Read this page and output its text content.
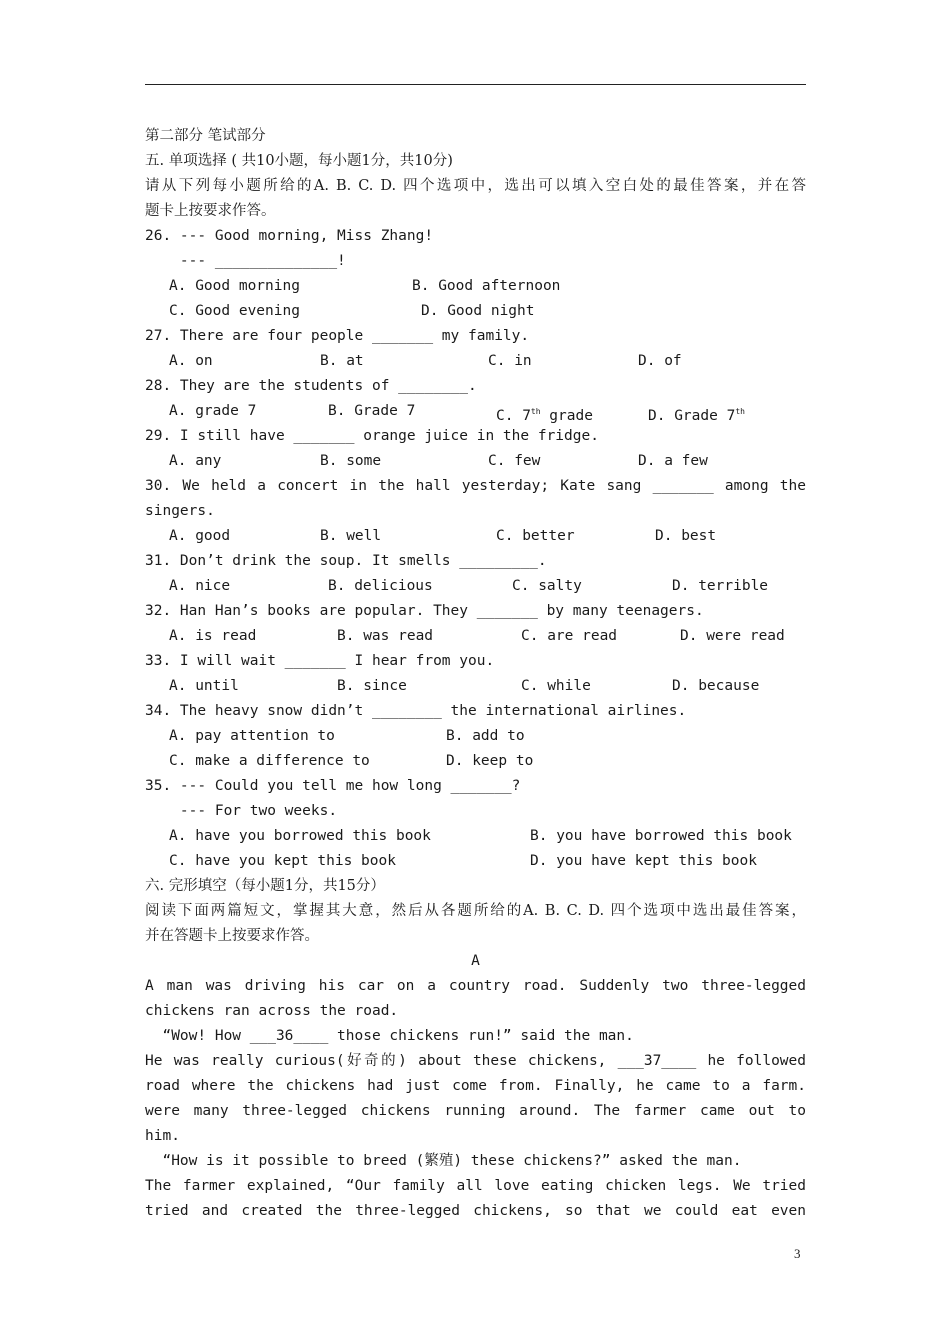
第二部分 笔试部分
五. 单项选择 ( 共10小题，每小题1分，共10分)
请从下列每小题所给的A. B. C. D. 四个选项中，选出可以填入空白处的最佳答案，并在答
题卡上按要求作答。
26. --- Good morning, Miss Zhang!
--- ______________!
A. Good morning	B. Good afternoon
C. Good evening	D. Good night
27. There are four people _______ my family.
A. on	B. at	C. in	D. of
28. They are the students of ________.
A. grade 7	B. Grade 7	C. 7th grade	D. Grade 7th
29. I still have _______ orange juice in the fridge.
A. any	B. some	C. few	D. a few
30. We held a concert in the hall yesterday; Kate sang _______ among the
singers.
A. good	B. well	C. better	D. best
31. Don’t drink the soup. It smells _________.
A. nice	B. delicious	C. salty	D. terrible
32. Han Han’s books are popular. They _______ by many teenagers.
A. is read	B. was read	C. are read	D. were read
33. I will wait _______ I hear from you.
A. until	B. since	C. while	D. because
34. The heavy snow didn’t ________ the international airlines.
A. pay attention to	B. add to
C. make a difference to	D. keep to
35. --- Could you tell me how long _______?
--- For two weeks.
A. have you borrowed this book	B. you have borrowed this book
C. have you kept this book	D. you have kept this book
六. 完形填空（每小题1分，共15分）
阅读下面两篇短文，掌握其大意，然后从各题所给的A. B. C. D. 四个选项中选出最佳答案，
并在答题卡上按要求作答。
A
A man was driving his car on a country road. Suddenly two three-legged
chickens ran across the road.
“Wow! How ___36____ those chickens run!” said the man.
He was really curious(好奇的) about these chickens, ___37____ he followed
road where the chickens had just come from. Finally, he came to a farm.
were many three-legged chickens running around. The farmer came out to
him.
“How is it possible to breed (繁殖) these chickens?” asked the man.
The farmer explained, “Our family all love eating chicken legs. We tried
tried and created the three-legged chickens, so that we could eat even
3
